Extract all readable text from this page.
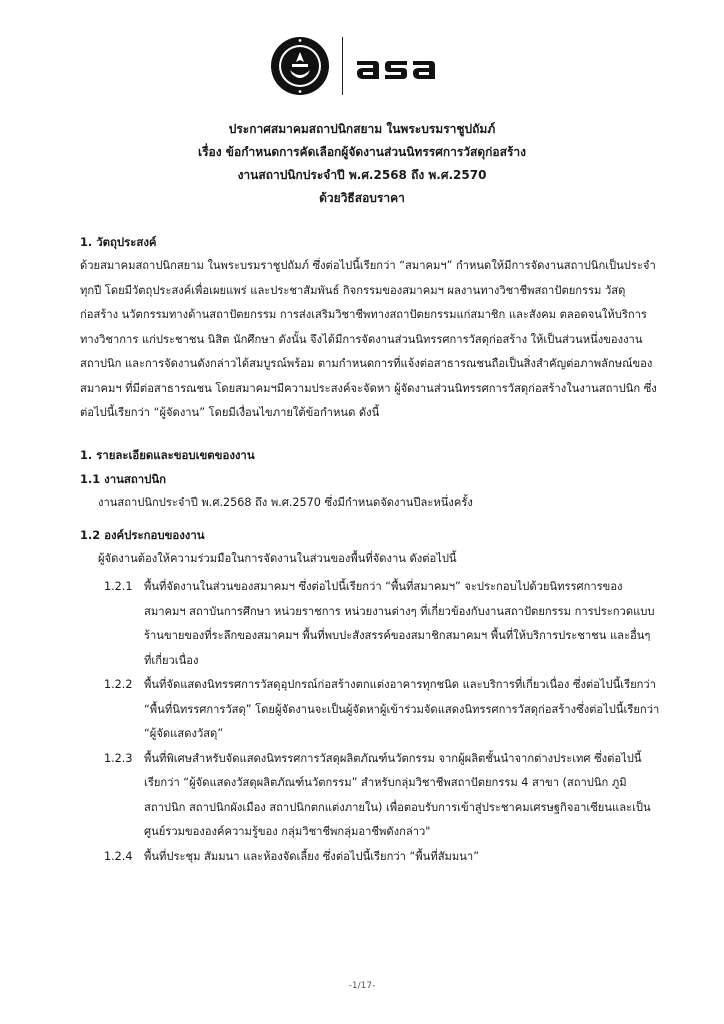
ประกาศสมาคมสถาปนิกสยาม ในพระบรมราชูปถัมภ์
เรื่อง ข้อกำหนดการคัดเลือกผู้จัดงานส่วนนิทรรศการวัสดุก่อสร้าง
งานสถาปนิกประจำปี พ.ศ.2568 ถึง พ.ศ.2570
ด้วยวิธีสอบราคา
1. วัตถุประสงค์
ด้วยสมาคมสถาปนิกสยาม ในพระบรมราชูปถัมภ์ ซึ่งต่อไปนี้เรียกว่า “สมาคมฯ” กำหนดให้มีการจัดงานสถาปนิกเป็นประจำ
ทุกปี โดยมีวัตถุประสงค์เพื่อเผยแพร่ และประชาสัมพันธ์ กิจกรรมของสมาคมฯ ผลงานทางวิชาชีพสถาปัตยกรรม วัสดุ
ก่อสร้าง นวัตกรรมทางด้านสถาปัตยกรรม การส่งเสริมวิชาชีพทางสถาปัตยกรรมแก่สมาชิก และสังคม ตลอดจนให้บริการ
ทางวิชาการ แก่ประชาชน นิสิต นักศึกษา ดังนั้น จึงได้มีการจัดงานส่วนนิทรรศการวัสดุก่อสร้าง ให้เป็นส่วนหนึ่งของงาน
สถาปนิก และการจัดงานดังกล่าวได้สมบูรณ์พร้อม ตามกำหนดการที่แจ้งต่อสาธารณชนถือเป็นสิ่งสำคัญต่อภาพลักษณ์ของ
สมาคมฯ ที่มีต่อสาธารณชน โดยสมาคมฯมีความประสงค์จะจัดหา ผู้จัดงานส่วนนิทรรศการวัสดุก่อสร้างในงานสถาปนิก ซึ่ง
ต่อไปนี้เรียกว่า “ผู้จัดงาน” โดยมีเงื่อนไขภายใต้ข้อกำหนด ดังนี้
1. รายละเอียดและขอบเขตของงาน
1.1 งานสถาปนิก
งานสถาปนิกประจำปี พ.ศ.2568 ถึง พ.ศ.2570 ซึ่งมีกำหนดจัดงานปีละหนึ่งครั้ง
1.2 องค์ประกอบของงาน
ผู้จัดงานต้องให้ความร่วมมือในการจัดงานในส่วนของพื้นที่จัดงาน ดังต่อไปนี้
1.2.1	พื้นที่จัดงานในส่วนของสมาคมฯ ซึ่งต่อไปนี้เรียกว่า “พื้นที่สมาคมฯ” จะประกอบไปด้วยนิทรรศการของ
สมาคมฯ สถาบันการศึกษา หน่วยราชการ หน่วยงานต่างๆ ที่เกี่ยวข้องกับงานสถาปัตยกรรม การประกวดแบบ
ร้านขายของที่ระลึกของสมาคมฯ พื้นที่พบปะสังสรรค์ของสมาชิกสมาคมฯ พื้นที่ให้บริการประชาชน และอื่นๆ
ที่เกี่ยวเนื่อง
1.2.2	พื้นที่จัดแสดงนิทรรศการวัสดุอุปกรณ์ก่อสร้างตกแต่งอาคารทุกชนิด และบริการที่เกี่ยวเนื่อง ซึ่งต่อไปนี้เรียกว่า
“พื้นที่นิทรรศการวัสดุ” โดยผู้จัดงานจะเป็นผู้จัดหาผู้เข้าร่วมจัดแสดงนิทรรศการวัสดุก่อสร้างซึ่งต่อไปนี้เรียกว่า
“ผู้จัดแสดงวัสดุ”
1.2.3	พื้นที่พิเศษสำหรับจัดแสดงนิทรรศการวัสดุผลิตภัณฑ์นวัตกรรม จากผู้ผลิตชั้นนำจากต่างประเทศ ซึ่งต่อไปนี้
เรียกว่า “ผู้จัดแสดงวัสดุผลิตภัณฑ์นวัตกรรม” สำหรับกลุ่มวิชาชีพสถาปัตยกรรม 4 สาขา (สถาปนิก ภูมิ
สถาปนิก สถาปนิกผังเมือง สถาปนิกตกแต่งภายใน) เพื่อตอบรับการเข้าสู่ประชาคมเศรษฐกิจอาเซียนและเป็น
ศูนย์รวมขององค์ความรู้ของ กลุ่มวิชาชีพกลุ่มอาชีพดังกล่าว"
1.2.4	พื้นที่ประชุม สัมมนา และห้องจัดเลี้ยง ซึ่งต่อไปนี้เรียกว่า “พื้นที่สัมมนา”
-1/17-
